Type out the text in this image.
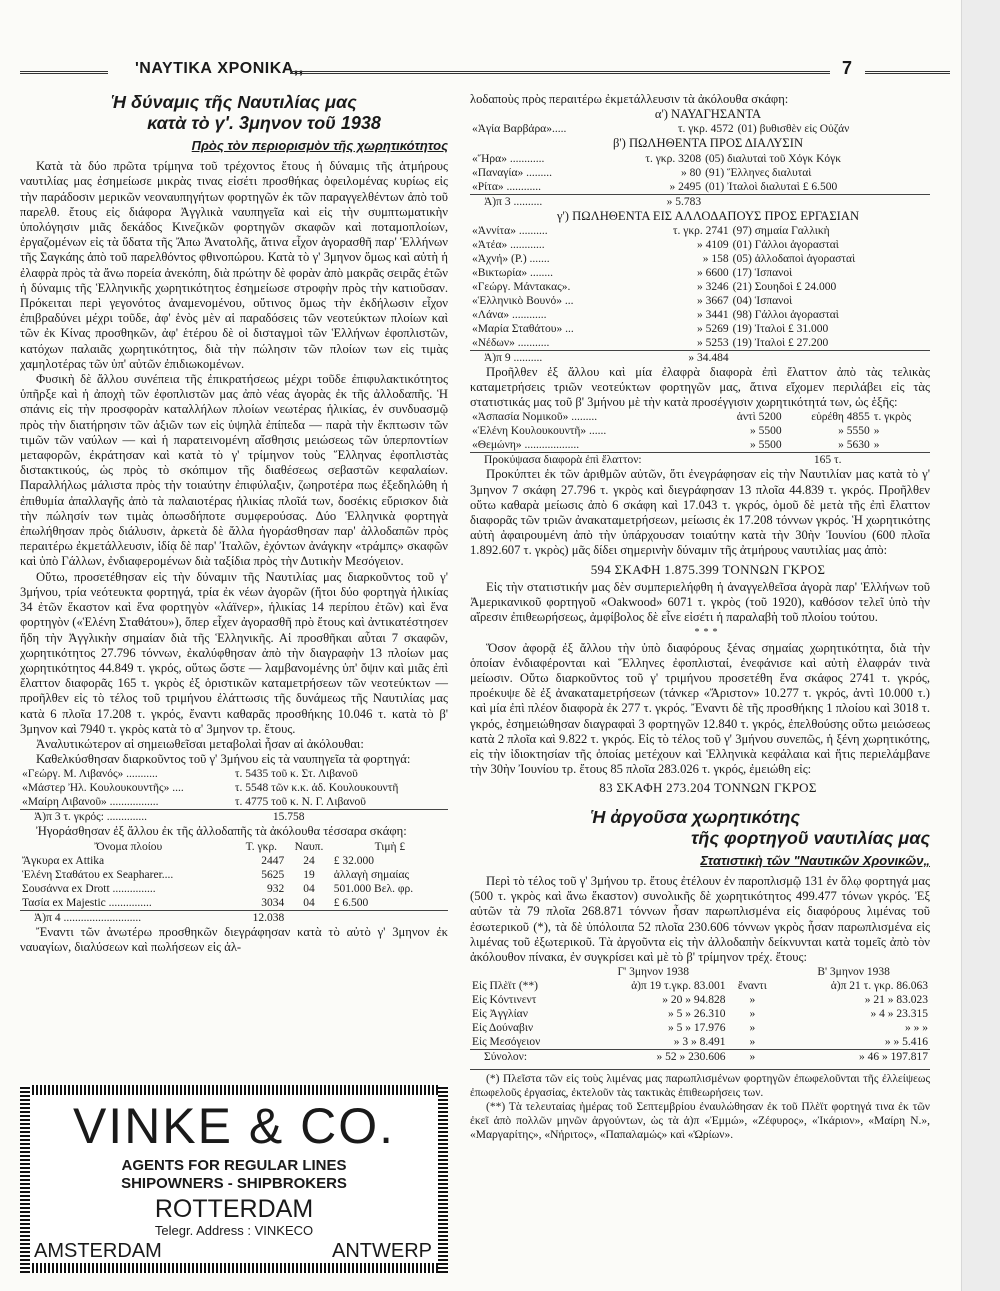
'ΝΑΥΤΙΚΑ ΧΡΟΝΙΚΑ,,	7
Ἡ δύναμις τῆς Ναυτιλίας μας
κατὰ τὸ γ'. 3μηνον τοῦ 1938
Πρὸς τὸν περιορισμὸν τῆς χωρητικότητος

Κατὰ τὰ δύο πρῶτα τρίμηνα τοῦ τρέχοντος ἔτους ἡ δύναμις τῆς ἀτμήρους ναυτιλίας μας ἐσημείωσε μικρὰς τινας εἰσέτι προσθήκας ὀφειλομένας κυρίως εἰς τὴν παράδοσιν μερικῶν νεοναυπηγήτων φορτηγῶν ἐκ τῶν παραγγελθέντων ἀπὸ τοῦ παρελθ. ἔτους εἰς διάφορα Ἀγγλικὰ ναυπηγεῖα καὶ εἰς τὴν συμπτωματικὴν ὑπολόγησιν μιᾶς δεκάδος Κινεζικῶν φορτηγῶν σκαφῶν καὶ ποταμοπλοίων, ἐργαζομένων εἰς τὰ ὕδατα τῆς Ἄπω Ἀνατολῆς, ἅτινα εἶχον ἀγορασθῆ παρ' Ἑλλήνων τῆς Σαγκάης ἀπὸ τοῦ παρελθόντος φθινοπώρου. Κατὰ τὸ γ' 3μηνον ὅμως καὶ αὐτὴ ἡ ἐλαφρὰ πρὸς τὰ ἄνω πορεία ἀνεκόπη, διὰ πρώτην δὲ φορὰν ἀπὸ μακρᾶς σειρᾶς ἐτῶν ἡ δύναμις τῆς Ἑλληνικῆς χωρητικότητος ἐσημείωσε στροφὴν πρὸς τὴν κατιοῦσαν. Πρόκειται περὶ γεγονότος ἀναμενομένου, οὕτινος ὅμως τὴν ἐκδήλωσιν εἶχον ἐπιβραδύνει μέχρι τοῦδε, ἀφ' ἑνὸς μὲν αἱ παραδόσεις τῶν νεοτεύκτων πλοίων καὶ τῶν ἐκ Κίνας προσθηκῶν, ἀφ' ἑτέρου δὲ οἱ δισταγμοὶ τῶν Ἑλλήνων ἐφοπλιστῶν, κατόχων παλαιᾶς χωρητικότητος, διὰ τὴν πώλησιν τῶν πλοίων των εἰς τιμὰς χαμηλοτέρας τῶν ὑπ' αὐτῶν ἐπιδιωκομένων.

Φυσικὴ δὲ ἄλλου συνέπεια τῆς ἐπικρατήσεως μέχρι τοῦδε ἐπιφυλακτικότητος ὑπῆρξε καὶ ἡ ἀποχὴ τῶν ἐφοπλιστῶν μας ἀπὸ νέας ἀγορὰς ἐκ τῆς ἀλλοδαπῆς. Ἡ σπάνις εἰς τὴν προσφορὰν καταλλήλων πλοίων νεωτέρας ἡλικίας, ἐν συνδυασμῷ πρὸς τὴν διατήρησιν τῶν ἀξιῶν των εἰς ὑψηλὰ ἐπίπεδα — παρὰ τὴν ἔκπτωσιν τῶν τιμῶν τῶν ναύλων — καὶ ἡ παρατεινομένη αἴσθησις μειώσεως τῶν ὑπερποντίων μεταφορῶν, ἐκράτησαν καὶ κατὰ τὸ γ' τρίμηνον τοὺς Ἕλληνας ἐφοπλιστὰς διστακτικούς, ὡς πρὸς τὸ σκόπιμον τῆς διαθέσεως σεβαστῶν κεφαλαίων. Παραλλήλως μάλιστα πρὸς τὴν τοιαύτην ἐπιφύλαξιν, ζωηροτέρα πως ἐξεδηλώθη ἡ ἐπιθυμία ἀπαλλαγῆς ἀπὸ τὰ παλαιοτέρας ἡλικίας πλοῖά των, δοσέκις εὕρισκον διὰ τὴν πώλησίν των τιμὰς ὁπωσδήποτε συμφερούσας. Δύο Ἑλληνικὰ φορτηγὰ ἐπωλήθησαν πρὸς διάλυσιν, ἀρκετὰ δὲ ἄλλα ἠγοράσθησαν παρ' ἀλλοδαπῶν πρὸς περαιτέρω ἐκμετάλλευσιν, ἰδίᾳ δὲ παρ' Ἰταλῶν, ἐχόντων ἀνάγκην «τράμπς» σκαφῶν καὶ ὑπὸ Γάλλων, ἐνδιαφερομένων διὰ ταξίδια πρὸς τὴν Δυτικὴν Μεσόγειον.

Οὕτω, προσετέθησαν εἰς τὴν δύναμιν τῆς Ναυτιλίας μας διαρκοῦντος τοῦ γ' 3μήνου, τρία νεότευκτα φορτηγά, τρία ἐκ νέων ἀγορῶν (ἤτοι δύο φορτηγὰ ἡλικίας 34 ἐτῶν ἕκαστον καὶ ἕνα φορτηγὸν «λάϊνερ», ἡλικίας 14 περίπου ἐτῶν) καὶ ἕνα φορτηγὸν («Ἑλένη Σταθάτου»), ὅπερ εἶχεν ἀγορασθῆ πρὸ ἔτους καὶ ἀντικατέστησεν ἤδη τὴν Ἀγγλικὴν σημαίαν διὰ τῆς Ἑλληνικῆς. Αἱ προσθῆκαι αὗται 7 σκαφῶν, χωρητικότητος 27.796 τόννων, ἐκαλύφθησαν ἀπὸ τὴν διαγραφὴν 13 πλοίων μας χωρητικότητος 44.849 τ. γκρός, οὕτως ὥστε — λαμβανομένης ὑπ' ὄψιν καὶ μιᾶς ἐπὶ ἔλαττον διαφορᾶς 165 τ. γκρὸς ἐξ ὁριστικῶν καταμετρήσεων τῶν νεοτεύκτων — προῆλθεν εἰς τὸ τέλος τοῦ τριμήνου ἐλάττωσις τῆς δυνάμεως τῆς Ναυτιλίας μας κατὰ 6 πλοῖα 17.208 τ. γκρός, ἔναντι καθαρᾶς προσθήκης 10.046 τ. κατὰ τὸ β' 3μηνον καὶ 7940 τ. γκρὸς κατὰ τὸ α' 3μηνον τρ. ἔτους.

Ἀναλυτικώτερον αἱ σημειωθεῖσαι μεταβολαὶ ἦσαν αἱ ἀκόλουθαι:

Καθελκύσθησαν διαρκοῦντος τοῦ γ' 3μήνου εἰς τὰ ναυπηγεῖα τὰ φορτηγά:

«Γεώργ. Μ. Λιβανός» ...........	τ. 5435 τοῦ κ. Στ. Λιβανοῦ
«Μάστερ Ἠλ. Κουλουκουντῆς» ....	τ. 5548 τῶν κ.κ. ἀδ. Κουλουκουντῆ
«Μαίρη Λιβανοῦ» .................	τ. 4775 τοῦ κ. Ν. Γ. Λιβανοῦ
Ἀ)π 3 τ. γκρός: ..............	15.758

Ἠγοράσθησαν ἐξ ἄλλου ἐκ τῆς ἀλλοδαπῆς τὰ ἀκόλουθα τέσσαρα σκάφη:

Ὄνομα πλοίου	Τ. γκρ.	Ναυπ.	Τιμὴ £
Ἄγκυρα ex Attika	2447	24	£ 32.000
Ἑλένη Σταθάτου ex Seapharer....	5625	19	ἀλλαγὴ σημαίας
Σουσάννα ex Drott ...............	932	04	501.000 Βελ. φρ.
Τασία ex Majestic ...............	3034	04	£ 6.500
Ἀ)π 4 ...........................	12.038		

Ἔναντι τῶν ἀνωτέρω προσθηκῶν διεγράφησαν κατὰ τὸ αὐτὸ γ' 3μηνον ἐκ ναυαγίων, διαλύσεων καὶ πωλήσεων εἰς ἀλ-

VINKE & CO.
AGENTS FOR REGULAR LINES
SHIPOWNERS - SHIPBROKERS
ROTTERDAM
Telegr. Address : VINKECO
AMSTERDAM	ANTWERP

λοδαποὺς πρὸς περαιτέρω ἐκμετάλλευσιν τὰ ἀκόλουθα σκάφη:

α') ΝΑΥΑΓΗΣΑΝΤΑ

«Ἁγία Βαρβάρα».....	τ. γκρ. 4572	(01) βυθισθὲν εἰς Οὐζάν

β') ΠΩΛΗΘΕΝΤΑ ΠΡΟΣ ΔΙΑΛΥΣΙΝ

«Ἥρα» ............	τ. γκρ. 3208	(05) διαλυταὶ τοῦ Χόγκ Κόγκ
«Παναγία» .........	» 80	(91) Ἕλληνες διαλυταὶ
«Ρίτα» ............	» 2495	(01) Ἰταλοὶ διαλυταὶ £ 6.500
Ἀ)π 3 ..........	» 5.783	

γ') ΠΩΛΗΘΕΝΤΑ ΕΙΣ ΑΛΛΟΔΑΠΟΥΣ ΠΡΟΣ ΕΡΓΑΣΙΑΝ

«Ἀννίτα» ..........	τ. γκρ. 2741	(97) σημαία Γαλλικὴ
«Ἀτέα» ............	» 4109	(01) Γάλλοι ἀγορασταὶ
«Ἀχνή» (Ρ.) .......	» 158	(05) ἀλλοδαποὶ ἀγορασταὶ
«Βικτωρία» ........	» 6600	(17) Ἱσπανοὶ
«Γεώργ. Μάντακας».	» 3246	(21) Σουηδοὶ £ 24.000
«Ἑλληνικὸ Βουνό» ...	» 3667	(04) Ἱσπανοὶ
«Λάνα» ............	» 3441	(98) Γάλλοι ἀγορασταὶ
«Μαρία Σταθάτου» ...	» 5269	(19) Ἰταλοὶ £ 31.000
«Νέδων» ...........	» 5253	(19) Ἰταλοὶ £ 27.200
Ἀ)π 9 ..........	» 34.484	

Προῆλθεν ἐξ ἄλλου καὶ μία ἐλαφρὰ διαφορὰ ἐπὶ ἔλαττον ἀπὸ τὰς τελικὰς καταμετρήσεις τριῶν νεοτεύκτων φορτηγῶν μας, ἅτινα εἴχομεν περιλάβει εἰς τὰς στατιστικάς μας τοῦ β' 3μήνου μὲ τὴν κατὰ προσέγγισιν χωρητικότητά των, ὡς ἑξῆς:

«Ἀσπασία Νομικοῦ» .........	ἀντὶ 5200	εὑρέθη 4855	τ. γκρὸς
«Ἑλένη Κουλουκουντῆ» ......	» 5500	» 5550	»
«Θεμώνη» ...................	» 5500	» 5630	»
Προκύψασα διαφορὰ ἐπὶ ἔλαττον:		165 τ.	

Προκύπτει ἐκ τῶν ἀριθμῶν αὐτῶν, ὅτι ἐνεγράφησαν εἰς τὴν Ναυτιλίαν μας κατὰ τὸ γ' 3μηνον 7 σκάφη 27.796 τ. γκρὸς καὶ διεγράφησαν 13 πλοῖα 44.839 τ. γκρός. Προῆλθεν οὕτω καθαρὰ μείωσις ἀπὸ 6 σκάφη καὶ 17.043 τ. γκρός, ὁμοῦ δὲ μετὰ τῆς ἐπὶ ἔλαττον διαφορᾶς τῶν τριῶν ἀνακαταμετρήσεων, μείωσις ἐκ 17.208 τόννων γκρός. Ἡ χωρητικότης αὐτὴ ἀφαιρουμένη ἀπὸ τὴν ὑπάρχουσαν τοιαύτην κατὰ τὴν 30ὴν Ἰουνίου (600 πλοῖα 1.892.607 τ. γκρὸς) μᾶς δίδει σημερινὴν δύναμιν τῆς ἀτμήρους ναυτιλίας μας ἀπὸ:

594 ΣΚΑΦΗ 1.875.399 ΤΟΝΝΩΝ ΓΚΡΟΣ

Εἰς τὴν στατιστικήν μας δὲν συμπεριελήφθη ἡ ἀναγγελθεῖσα ἀγορὰ παρ' Ἑλλήνων τοῦ Ἀμερικανικοῦ φορτηγοῦ «Oakwood» 6071 τ. γκρὸς (τοῦ 1920), καθόσον τελεῖ ὑπὸ τὴν αἵρεσιν ἐπιθεωρήσεως, ἀμφίβολος δὲ εἶνε εἰσέτι ἡ παραλαβὴ τοῦ πλοίου τούτου.

***

Ὅσον ἀφορᾷ ἐξ ἄλλου τὴν ὑπὸ διαφόρους ξένας σημαίας χωρητικότητα, διὰ τὴν ὁποίαν ἐνδιαφέρονται καὶ Ἕλληνες ἐφοπλισταί, ἐνεφάνισε καὶ αὐτὴ ἐλαφράν τινὰ μείωσιν. Οὕτω διαρκοῦντος τοῦ γ' τριμήνου προσετέθη ἕνα σκάφος 2741 τ. γκρός, προέκυψε δὲ ἐξ ἀνακαταμετρήσεων (τάνκερ «Ἄριστον» 10.277 τ. γκρός, ἀντὶ 10.000 τ.) καὶ μία ἐπὶ πλέον διαφορὰ ἐκ 277 τ. γκρός. Ἔναντι δὲ τῆς προσθήκης 1 πλοίου καὶ 3018 τ. γκρός, ἐσημειώθησαν διαγραφαὶ 3 φορτηγῶν 12.840 τ. γκρός, ἐπελθούσης οὕτω μειώσεως κατὰ 2 πλοῖα καὶ 9.822 τ. γκρός. Εἰς τὸ τέλος τοῦ γ' 3μήνου συνεπῶς, ἡ ξένη χωρητικότης, εἰς τὴν ἰδιοκτησίαν τῆς ὁποίας μετέχουν καὶ Ἑλληνικὰ κεφάλαια καὶ ἥτις περιελάμβανε τὴν 30ὴν Ἰουνίου τρ. ἔτους 85 πλοῖα 283.026 τ. γκρός, ἐμειώθη εἰς:

83 ΣΚΑΦΗ 273.204 ΤΟΝΝΩΝ ΓΚΡΟΣ

Ἡ ἀργοῦσα χωρητικότης
τῆς φορτηγοῦ ναυτιλίας μας
Στατιστικὴ τῶν "Ναυτικῶν Χρονικῶν„

Περὶ τὸ τέλος τοῦ γ' 3μήνου τρ. ἔτους ἐτέλουν ἐν παροπλισμῷ 131 ἐν ὅλῳ φορτηγά μας (500 τ. γκρὸς καὶ ἄνω ἕκαστον) συνολικῆς δὲ χωρητικότητος 499.477 τόνων γκρός. Ἐξ αὐτῶν τὰ 79 πλοῖα 268.871 τόννων ἦσαν παρωπλισμένα εἰς διαφόρους λιμένας τοῦ ἐσωτερικοῦ (*), τὰ δὲ ὑπόλοιπα 52 πλοῖα 230.606 τόννων γκρὸς ἦσαν παρωπλισμένα εἰς λιμένας τοῦ ἐξωτερικοῦ. Τὰ ἀργοῦντα εἰς τὴν ἀλλοδαπὴν δείκνυνται κατὰ τομεῖς ἀπὸ τὸν ἀκόλουθον πίνακα, ἐν συγκρίσει καὶ μὲ τὸ β' τρίμηνον τρέχ. ἔτους:

	Γ' 3μηνον 1938		Β' 3μηνον 1938
Εἰς Πλὲϊτ (**)	ἀ)π 19 τ.γκρ. 83.001	ἔναντι	ἀ)π 21 τ. γκρ. 86.063
Εἰς Κόντινεντ	» 20 » 94.828	»	» 21 » 83.023
Εἰς Ἀγγλίαν	» 5 » 26.310	»	» 4 » 23.315
Εἰς Δούναβιν	» 5 » 17.976	»	» » »
Εἰς Μεσόγειον	» 3 » 8.491	»	» » 5.416
Σύνολον:	» 52 » 230.606	»	» 46 » 197.817

(*) Πλεῖστα τῶν εἰς τοὺς λιμένας μας παρωπλισμένων φορτηγῶν ἐπωφελοῦνται τῆς ἐλλείψεως ἐπωφελοῦς ἐργασίας, ἐκτελοῦν τὰς τακτικὰς ἐπιθεωρήσεις των.

(**) Τὰ τελευταίας ἡμέρας τοῦ Σεπτεμβρίου ἐναυλώθησαν ἐκ τοῦ Πλὲϊτ φορτηγά τινα ἐκ τῶν ἐκεῖ ἀπὸ πολλῶν μηνῶν ἀργούντων, ὡς τὰ ἀ)π «Ἐμμώ», «Ζέφυρος», «Ἰκάριον», «Μαίρη Ν.», «Μαργαρίτης», «Νήριτος», «Παπαλαμώς» καὶ «Ὡρίων».
